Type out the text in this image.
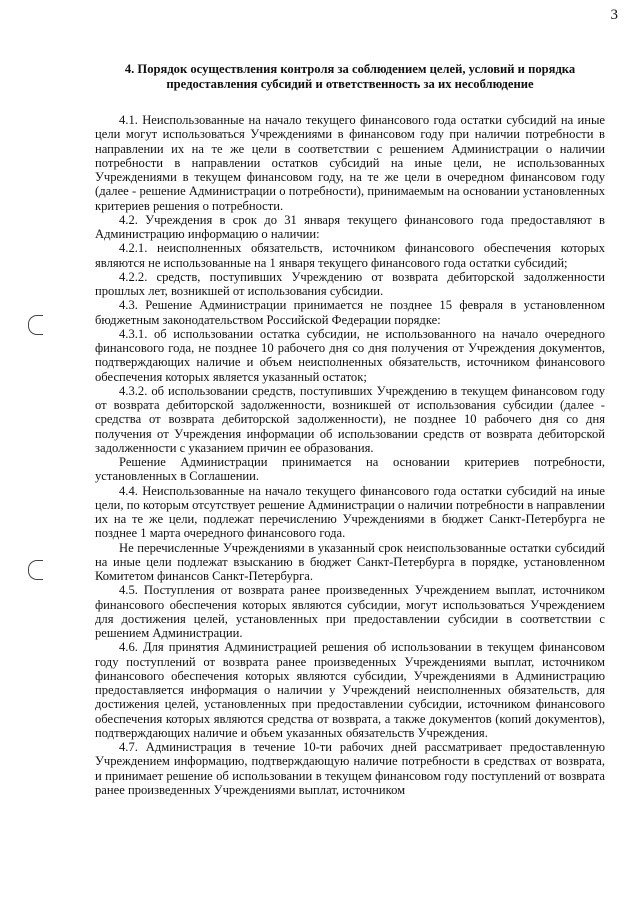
3
4. Порядок осуществления контроля за соблюдением целей, условий и порядка предоставления субсидий и ответственность за их несоблюдение

4.1. Неиспользованные на начало текущего финансового года остатки субсидий на иные цели могут использоваться Учреждениями в финансовом году при наличии потребности в направлении их на те же цели в соответствии с решением Администрации о наличии потребности в направлении остатков субсидий на иные цели, не использованных Учреждениями в текущем финансовом году, на те же цели в очередном финансовом году (далее - решение Администрации о потребности), принимаемым на основании установленных критериев решения о потребности.

4.2. Учреждения в срок до 31 января текущего финансового года предоставляют в Администрацию информацию о наличии:

4.2.1. неисполненных обязательств, источником финансового обеспечения которых являются не использованные на 1 января текущего финансового года остатки субсидий;

4.2.2. средств, поступивших Учреждению от возврата дебиторской задолженности прошлых лет, возникшей от использования субсидии.

4.3. Решение Администрации принимается не позднее 15 февраля в установленном бюджетным законодательством Российской Федерации порядке:

4.3.1. об использовании остатка субсидии, не использованного на начало очередного финансового года, не позднее 10 рабочего дня со дня получения от Учреждения документов, подтверждающих наличие и объем неисполненных обязательств, источником финансового обеспечения которых является указанный остаток;

4.3.2. об использовании средств, поступивших Учреждению в текущем финансовом году от возврата дебиторской задолженности, возникшей от использования субсидии (далее - средства от возврата дебиторской задолженности), не позднее 10 рабочего дня со дня получения от Учреждения информации об использовании средств от возврата дебиторской задолженности с указанием причин ее образования.

Решение Администрации принимается на основании критериев потребности, установленных в Соглашении.

4.4. Неиспользованные на начало текущего финансового года остатки субсидий на иные цели, по которым отсутствует решение Администрации о наличии потребности в направлении их на те же цели, подлежат перечислению Учреждениями в бюджет Санкт-Петербурга не позднее 1 марта очередного финансового года.

Не перечисленные Учреждениями в указанный срок неиспользованные остатки субсидий на иные цели подлежат взысканию в бюджет Санкт-Петербурга в порядке, установленном Комитетом финансов Санкт-Петербурга.

4.5. Поступления от возврата ранее произведенных Учреждением выплат, источником финансового обеспечения которых являются субсидии, могут использоваться Учреждением для достижения целей, установленных при предоставлении субсидии в соответствии с решением Администрации.

4.6. Для принятия Администрацией решения об использовании в текущем финансовом году поступлений от возврата ранее произведенных Учреждениями выплат, источником финансового обеспечения которых являются субсидии, Учреждениями в Администрацию предоставляется информация о наличии у Учреждений неисполненных обязательств, для достижения целей, установленных при предоставлении субсидии, источником финансового обеспечения которых являются средства от возврата, а также документов (копий документов), подтверждающих наличие и объем указанных обязательств Учреждения.

4.7. Администрация в течение 10-ти рабочих дней рассматривает предоставленную Учреждением информацию, подтверждающую наличие потребности в средствах от возврата, и принимает решение об использовании в текущем финансовом году поступлений от возврата ранее произведенных Учреждениями выплат, источником
